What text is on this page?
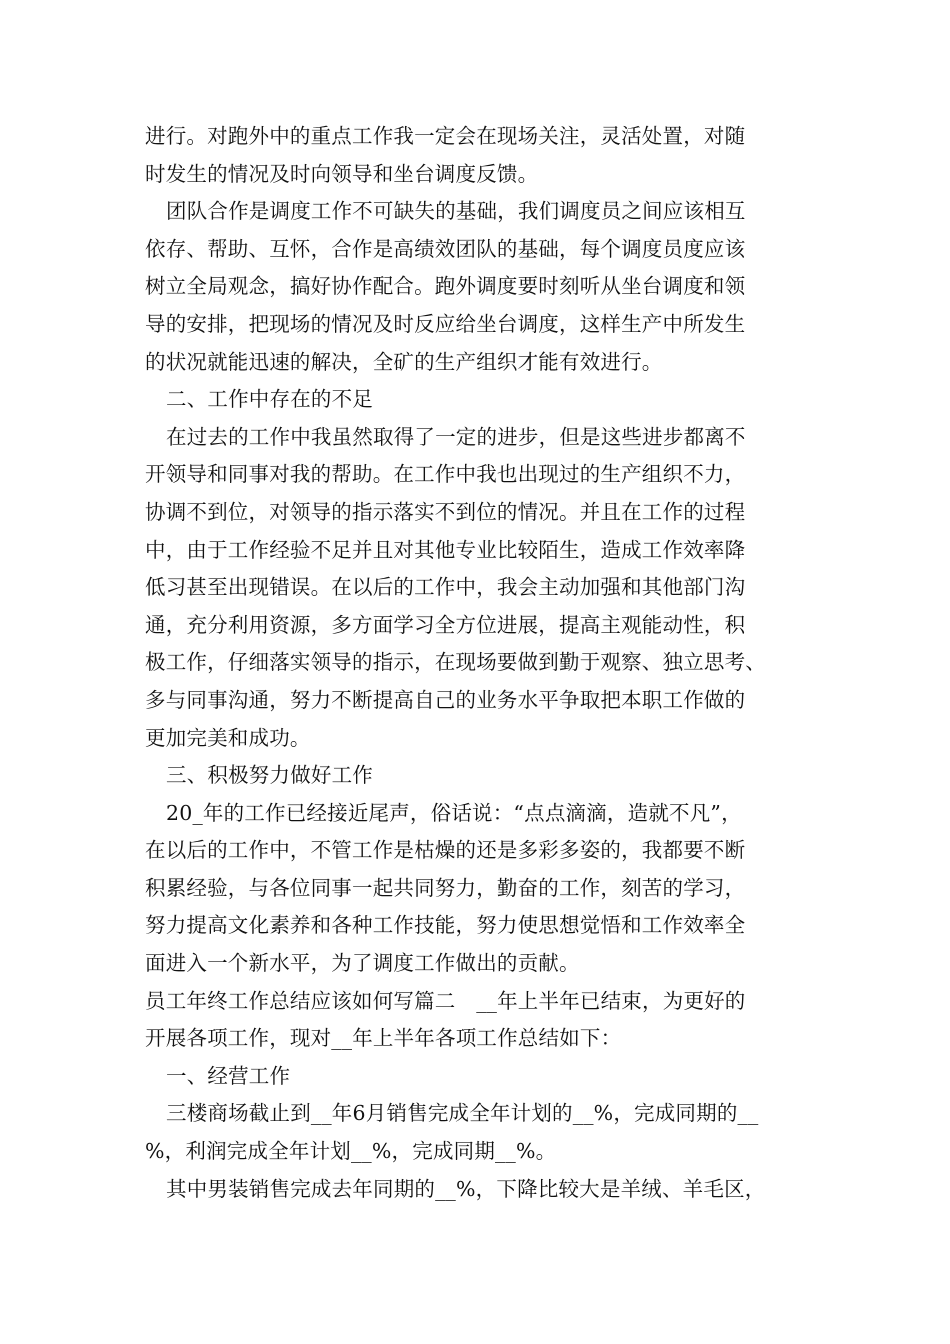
进行。对跑外中的重点工作我一定会在现场关注，灵活处置，对随
时发生的情况及时向领导和坐台调度反馈。
团队合作是调度工作不可缺失的基础，我们调度员之间应该相互
依存、帮助、互怀，合作是高绩效团队的基础，每个调度员度应该
树立全局观念，搞好协作配合。跑外调度要时刻听从坐台调度和领
导的安排，把现场的情况及时反应给坐台调度，这样生产中所发生
的状况就能迅速的解决，全矿的生产组织才能有效进行。
二、工作中存在的不足
在过去的工作中我虽然取得了一定的进步，但是这些进步都离不
开领导和同事对我的帮助。在工作中我也出现过的生产组织不力，
协调不到位，对领导的指示落实不到位的情况。并且在工作的过程
中，由于工作经验不足并且对其他专业比较陌生，造成工作效率降
低习甚至出现错误。在以后的工作中，我会主动加强和其他部门沟
通，充分利用资源，多方面学习全方位进展，提高主观能动性，积
极工作，仔细落实领导的指示，在现场要做到勤于观察、独立思考、
多与同事沟通，努力不断提高自己的业务水平争取把本职工作做的
更加完美和成功。
三、积极努力做好工作
20_年的工作已经接近尾声，俗话说：“点点滴滴，造就不凡”，
在以后的工作中，不管工作是枯燥的还是多彩多姿的，我都要不断
积累经验，与各位同事一起共同努力，勤奋的工作，刻苦的学习，
努力提高文化素养和各种工作技能，努力使思想觉悟和工作效率全
面进入一个新水平，为了调度工作做出的贡献。
员工年终工作总结应该如何写篇二　__年上半年已结束，为更好的
开展各项工作，现对__年上半年各项工作总结如下：
一、经营工作
三楼商场截止到__年6月销售完成全年计划的__%，完成同期的__
%，利润完成全年计划__%，完成同期__%。
其中男装销售完成去年同期的__%，下降比较大是羊绒、羊毛区，
